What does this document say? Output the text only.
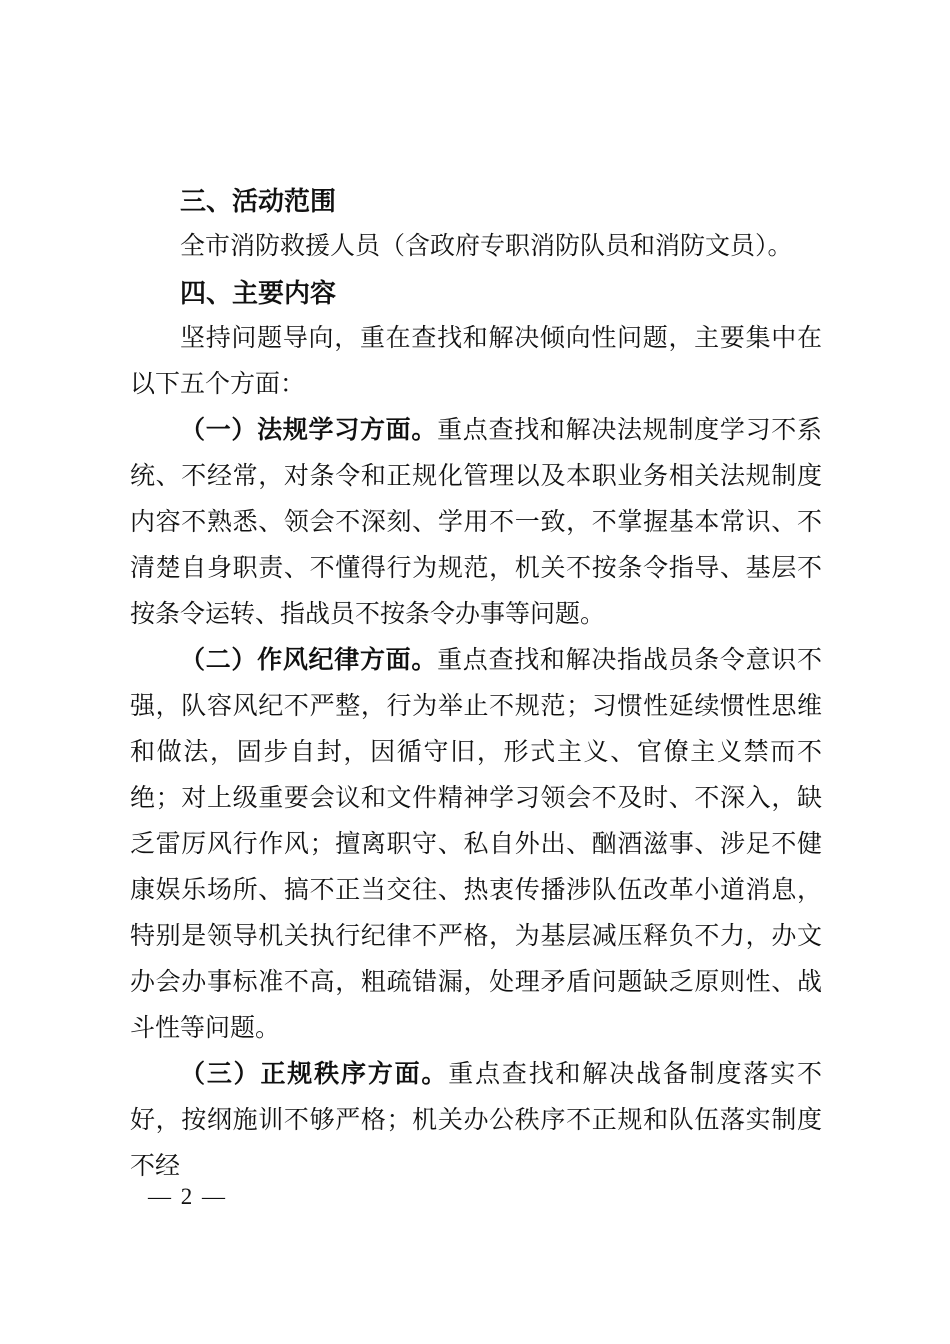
三、活动范围

全市消防救援人员（含政府专职消防队员和消防文员）。

四、主要内容

坚持问题导向，重在查找和解决倾向性问题，主要集中在以下五个方面：

（一）法规学习方面。重点查找和解决法规制度学习不系统、不经常，对条令和正规化管理以及本职业务相关法规制度内容不熟悉、领会不深刻、学用不一致，不掌握基本常识、不清楚自身职责、不懂得行为规范，机关不按条令指导、基层不按条令运转、指战员不按条令办事等问题。

（二）作风纪律方面。重点查找和解决指战员条令意识不强，队容风纪不严整，行为举止不规范；习惯性延续惯性思维和做法，固步自封，因循守旧，形式主义、官僚主义禁而不绝；对上级重要会议和文件精神学习领会不及时、不深入，缺乏雷厉风行作风；擅离职守、私自外出、酗酒滋事、涉足不健康娱乐场所、搞不正当交往、热衷传播涉队伍改革小道消息，特别是领导机关执行纪律不严格，为基层减压释负不力，办文办会办事标准不高，粗疏错漏，处理矛盾问题缺乏原则性、战斗性等问题。

（三）正规秩序方面。重点查找和解决战备制度落实不好，按纲施训不够严格；机关办公秩序不正规和队伍落实制度不经

— 2 —
